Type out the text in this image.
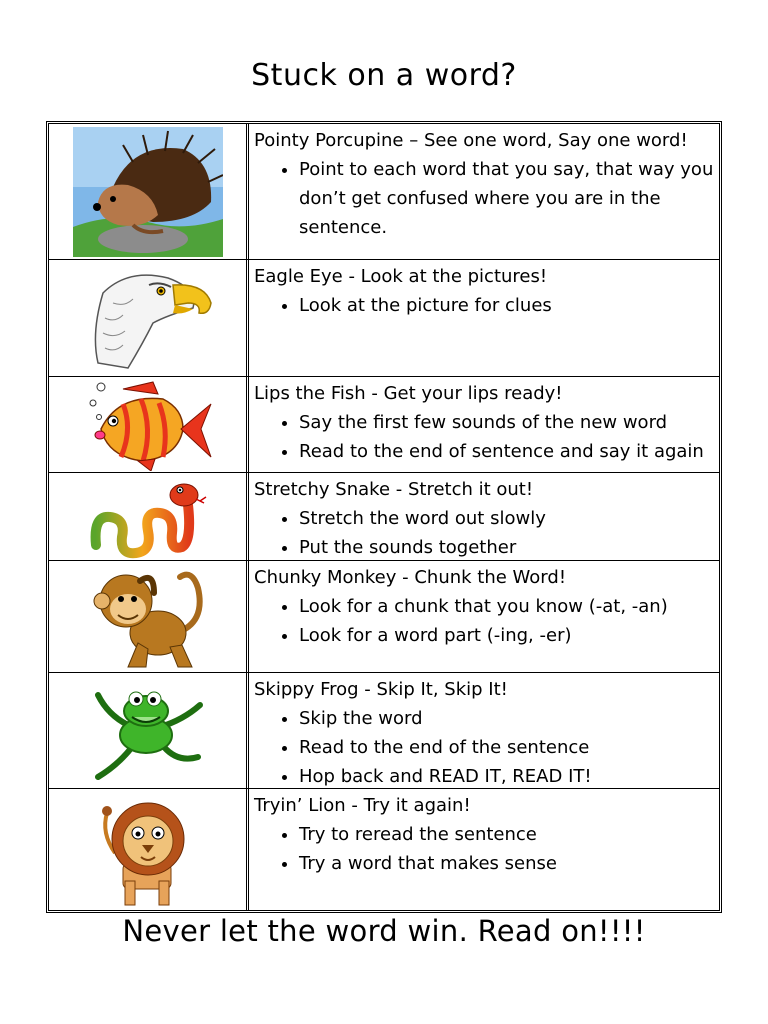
Stuck on a word?
Pointy Porcupine – See one word, Say one word!
• Point to each word that you say, that way you don’t get confused where you are in the sentence.
Eagle Eye - Look at the pictures!
• Look at the picture for clues
Lips the Fish - Get your lips ready!
• Say the first few sounds of the new word
• Read to the end of sentence and say it again
Stretchy Snake - Stretch it out!
• Stretch the word out slowly
• Put the sounds together
Chunky Monkey - Chunk the Word!
• Look for a chunk that you know (-at, -an)
• Look for a word part (-ing, -er)
Skippy Frog - Skip It, Skip It!
• Skip the word
• Read to the end of the sentence
• Hop back and READ IT, READ IT!
Tryin’ Lion - Try it again!
• Try to reread the sentence
• Try a word that makes sense
Never let the word win. Read on!!!!
